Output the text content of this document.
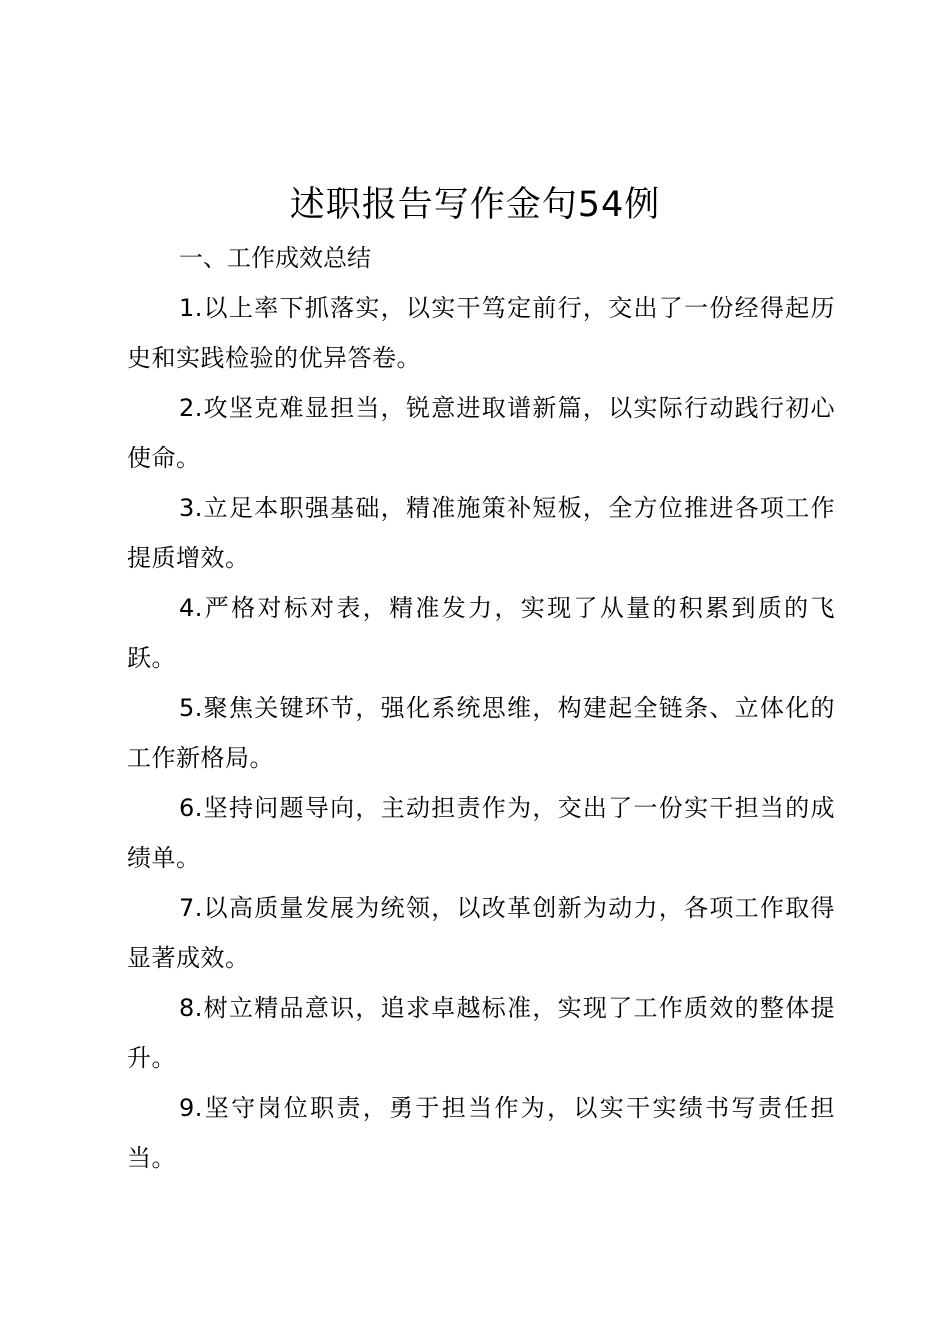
述职报告写作金句54例

一、工作成效总结

1.以上率下抓落实，以实干笃定前行，交出了一份经得起历史和实践检验的优异答卷。

2.攻坚克难显担当，锐意进取谱新篇，以实际行动践行初心使命。

3.立足本职强基础，精准施策补短板，全方位推进各项工作提质增效。

4.严格对标对表，精准发力，实现了从量的积累到质的飞跃。

5.聚焦关键环节，强化系统思维，构建起全链条、立体化的工作新格局。

6.坚持问题导向，主动担责作为，交出了一份实干担当的成绩单。

7.以高质量发展为统领，以改革创新为动力，各项工作取得显著成效。

8.树立精品意识，追求卓越标准，实现了工作质效的整体提升。

9.坚守岗位职责，勇于担当作为，以实干实绩书写责任担当。
